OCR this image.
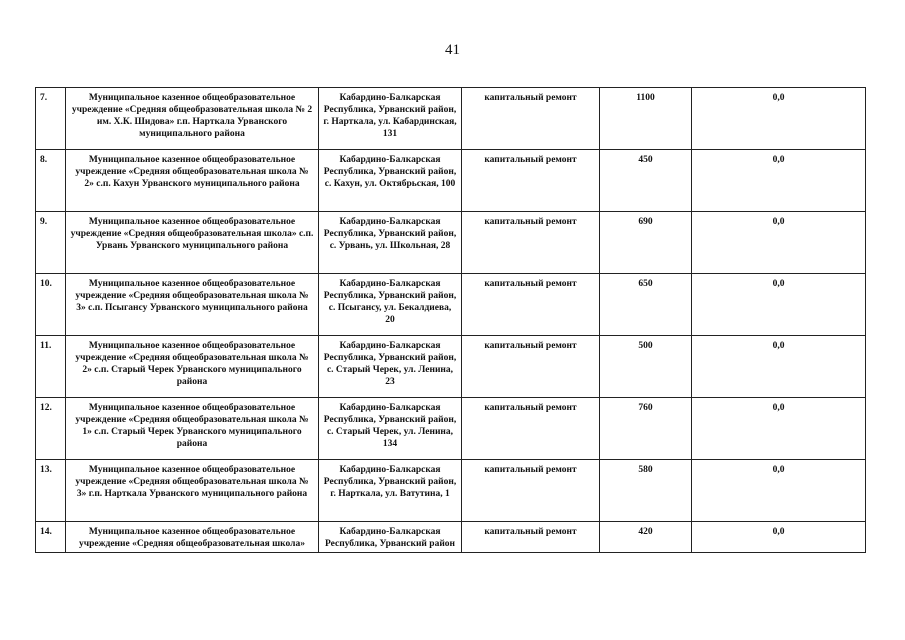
41
7.	Муниципальное казенное общеобразовательное учреждение «Средняя общеобразовательная школа № 2 им. Х.К. Шидова» г.п. Нарткала Урванского муниципального района	Кабардино-Балкарская Республика, Урванский район, г. Нарткала, ул. Кабардинская, 131	капитальный ремонт	1100	0,0
8.	Муниципальное казенное общеобразовательное учреждение «Средняя общеобразовательная школа № 2» с.п. Кахун Урванского муниципального района	Кабардино-Балкарская Республика, Урванский район, с. Кахун, ул. Октябрьская, 100	капитальный ремонт	450	0,0
9.	Муниципальное казенное общеобразовательное учреждение «Средняя общеобразовательная школа» с.п. Урвань Урванского муниципального района	Кабардино-Балкарская Республика, Урванский район, с. Урвань, ул. Школьная, 28	капитальный ремонт	690	0,0
10.	Муниципальное казенное общеобразовательное учреждение «Средняя общеобразовательная школа № 3» с.п. Псыгансу Урванского муниципального района	Кабардино-Балкарская Республика, Урванский район, с. Псыгансу, ул. Бекалдиева, 20	капитальный ремонт	650	0,0
11.	Муниципальное казенное общеобразовательное учреждение «Средняя общеобразовательная школа № 2» с.п. Старый Черек Урванского муниципального района	Кабардино-Балкарская Республика, Урванский район, с. Старый Черек, ул. Ленина, 23	капитальный ремонт	500	0,0
12.	Муниципальное казенное общеобразовательное учреждение «Средняя общеобразовательная школа № 1» с.п. Старый Черек Урванского муниципального района	Кабардино-Балкарская Республика, Урванский район, с. Старый Черек, ул. Ленина, 134	капитальный ремонт	760	0,0
13.	Муниципальное казенное общеобразовательное учреждение «Средняя общеобразовательная школа № 3» г.п. Нарткала Урванского муниципального района	Кабардино-Балкарская Республика, Урванский район, г. Нарткала, ул. Ватутина, 1	капитальный ремонт	580	0,0
14.	Муниципальное казенное общеобразовательное учреждение «Средняя общеобразовательная школа»	Кабардино-Балкарская Республика, Урванский район	капитальный ремонт	420	0,0
